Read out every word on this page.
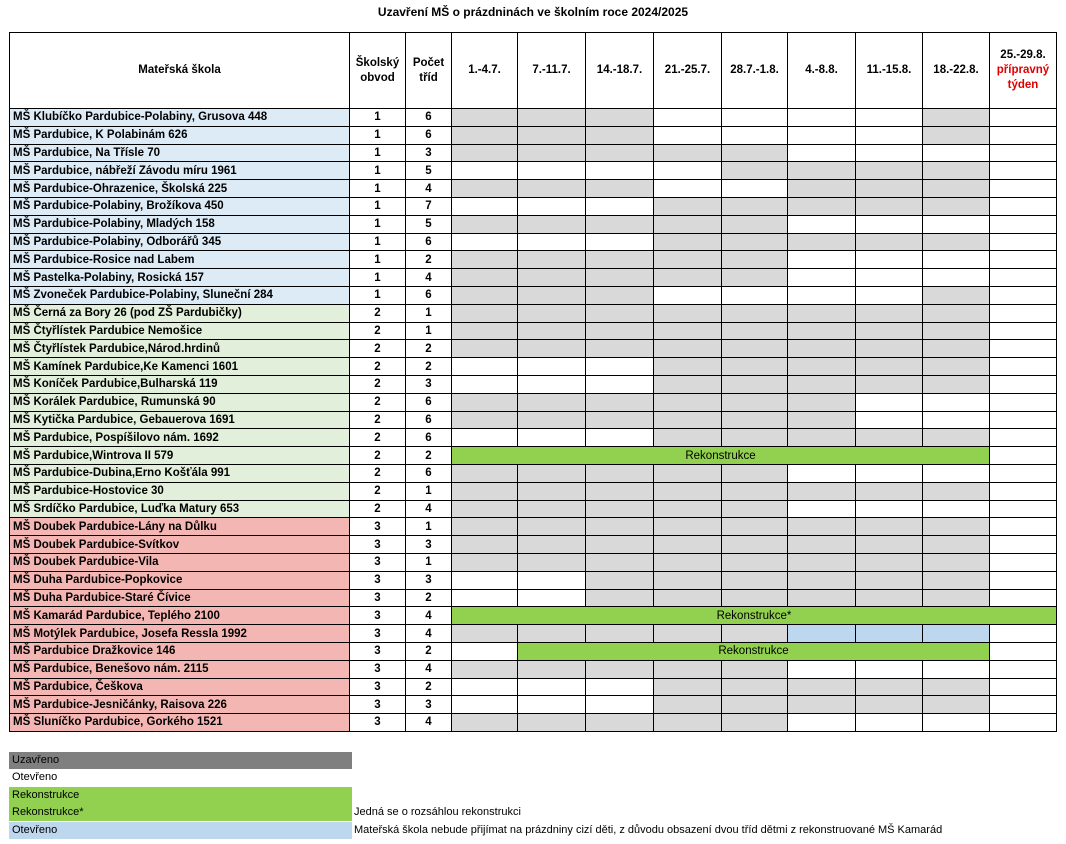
Uzavření MŠ o prázdninách ve školním roce 2024/2025
Mateřská škola	Školský obvod	Počet tříd	1.-4.7.	7.-11.7.	14.-18.7.	21.-25.7.	28.7.-1.8.	4.-8.8.	11.-15.8.	18.-22.8.	25.-29.8.
přípravný týden

MŠ Klubíčko Pardubice-Polabiny, Grusova 448	1	6									
MŠ Pardubice, K Polabinám 626	1	6									
MŠ Pardubice, Na Třísle 70	1	3									
MŠ Pardubice, nábřeží Závodu míru 1961	1	5									
MŠ Pardubice-Ohrazenice, Školská 225	1	4									
MŠ Pardubice-Polabiny, Brožíkova 450	1	7									
MŠ Pardubice-Polabiny, Mladých 158	1	5									
MŠ Pardubice-Polabiny, Odborářů 345	1	6									
MŠ Pardubice-Rosice nad Labem	1	2									
MŠ Pastelka-Polabiny, Rosická 157	1	4									
MŠ Zvoneček Pardubice-Polabiny, Sluneční 284	1	6									
MŠ Černá za Bory 26 (pod ZŠ Pardubičky)	2	1									
MŠ Čtyřlístek Pardubice Nemošice	2	1									
MŠ Čtyřlístek Pardubice,Národ.hrdinů	2	2									
MŠ Kamínek Pardubice,Ke Kamenci 1601	2	2									
MŠ Koníček Pardubice,Bulharská 119	2	3									
MŠ Korálek Pardubice, Rumunská 90	2	6									
MŠ Kytička Pardubice, Gebauerova 1691	2	6									
MŠ Pardubice, Pospíšilovo nám. 1692	2	6									
MŠ Pardubice,Wintrova II 579	2	2	Rekonstrukce								
MŠ Pardubice-Dubina,Erno Košťála 991	2	6									
MŠ Pardubice-Hostovice 30	2	1									
MŠ Srdíčko Pardubice, Luďka Matury 653	2	4									
MŠ Doubek Pardubice-Lány na Důlku	3	1									
MŠ Doubek Pardubice-Svítkov	3	3									
MŠ Doubek Pardubice-Vila	3	1									
MŠ Duha Pardubice-Popkovice	3	3									
MŠ Duha Pardubice-Staré Čívice	3	2									
MŠ Kamarád Pardubice, Teplého 2100	3	4	Rekonstrukce*								
MŠ Motýlek Pardubice, Josefa Ressla 1992	3	4									
MŠ Pardubice Dražkovice 146	3	2		Rekonstrukce							
MŠ Pardubice, Benešovo nám. 2115	3	4									
MŠ Pardubice, Češkova	3	2									
MŠ Pardubice-Jesničánky, Raisova 226	3	3									
MŠ Sluníčko Pardubice, Gorkého 1521	3	4									
Uzavřeno
Otevřeno
Rekonstrukce
Rekonstrukce*	Jedná se o rozsáhlou rekonstrukci
Otevřeno	Mateřská škola nebude přijímat na prázdniny cizí děti, z důvodu obsazení dvou tříd dětmi z rekonstruované MŠ Kamarád
